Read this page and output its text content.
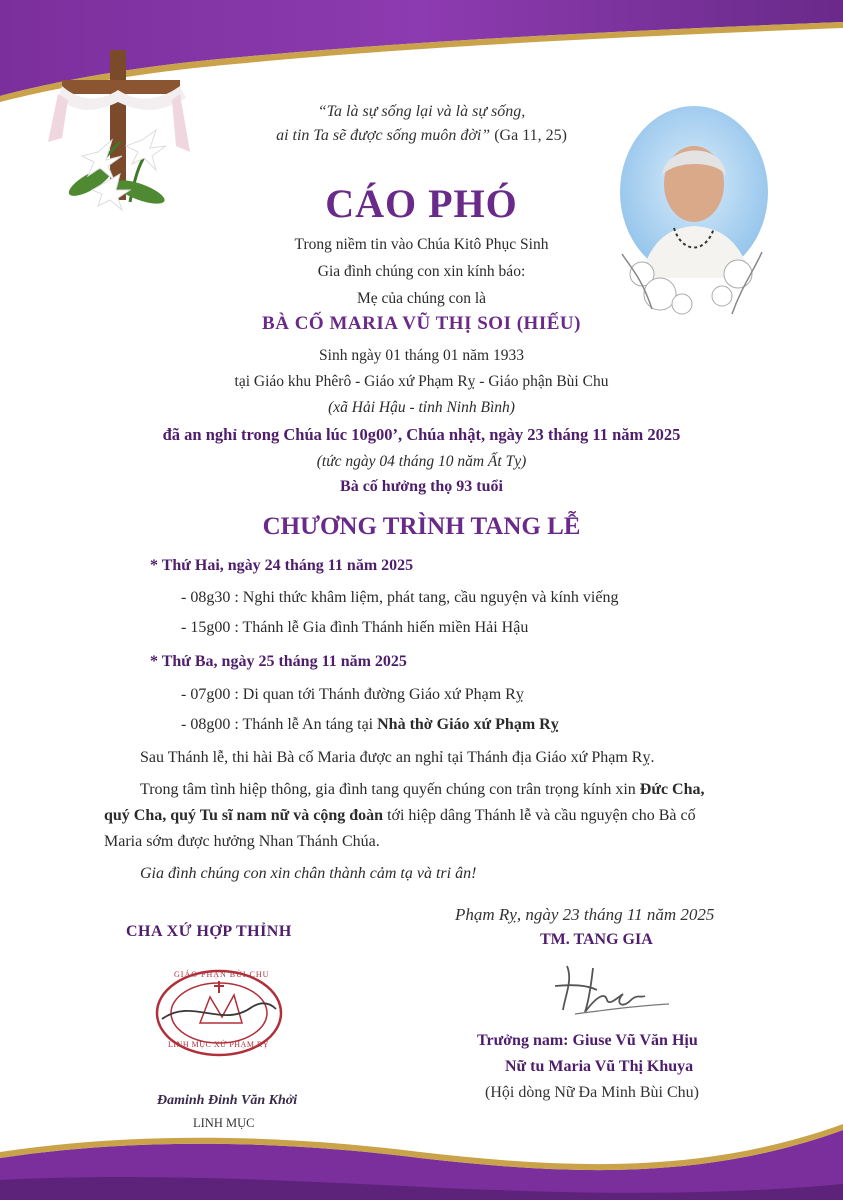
“Ta là sự sống lại và là sự sống,
ai tin Ta sẽ được sống muôn đời” (Ga 11, 25)
CÁO PHÓ
Trong niềm tin vào Chúa Kitô Phục Sinh
Gia đình chúng con xin kính báo:
Mẹ của chúng con là
BÀ CỐ MARIA VŨ THỊ SOI (HIẾU)
Sinh ngày 01 tháng 01 năm 1933
tại Giáo khu Phêrô - Giáo xứ Phạm Rỵ - Giáo phận Bùi Chu
(xã Hải Hậu - tỉnh Ninh Bình)
đã an nghỉ trong Chúa lúc 10g00’, Chúa nhật, ngày 23 tháng 11 năm 2025
(tức ngày 04 tháng 10 năm Ất Tỵ)
Bà cố hưởng thọ 93 tuổi
CHƯƠNG TRÌNH TANG LỄ
* Thứ Hai, ngày 24 tháng 11 năm 2025
- 08g30 : Nghi thức khâm liệm, phát tang, cầu nguyện và kính viếng
- 15g00 : Thánh lễ Gia đình Thánh hiến miền Hải Hậu
* Thứ Ba, ngày 25 tháng 11 năm 2025
- 07g00 : Di quan tới Thánh đường Giáo xứ Phạm Rỵ
- 08g00 : Thánh lễ An táng tại Nhà thờ Giáo xứ Phạm Rỵ
Sau Thánh lễ, thi hài Bà cố Maria được an nghỉ tại Thánh địa Giáo xứ Phạm Rỵ.
Trong tâm tình hiệp thông, gia đình tang quyến chúng con trân trọng kính xin Đức Cha,
quý Cha, quý Tu sĩ nam nữ và cộng đoàn tới hiệp dâng Thánh lễ và cầu nguyện cho Bà cố
Maria sớm được hưởng Nhan Thánh Chúa.
Gia đình chúng con xin chân thành cảm tạ và tri ân!
CHA XỨ HỢP THỈNH
GIÁO PHẬN BÙI CHU
LINH MỤC XỨ PHẠM RỴ
Đaminh Đinh Văn Khởi
LINH MỤC
Phạm Rỵ, ngày 23 tháng 11 năm 2025
TM. TANG GIA
Trưởng nam: Giuse Vũ Văn Hịu
Nữ tu Maria Vũ Thị Khuya
(Hội dòng Nữ Đa Minh Bùi Chu)
